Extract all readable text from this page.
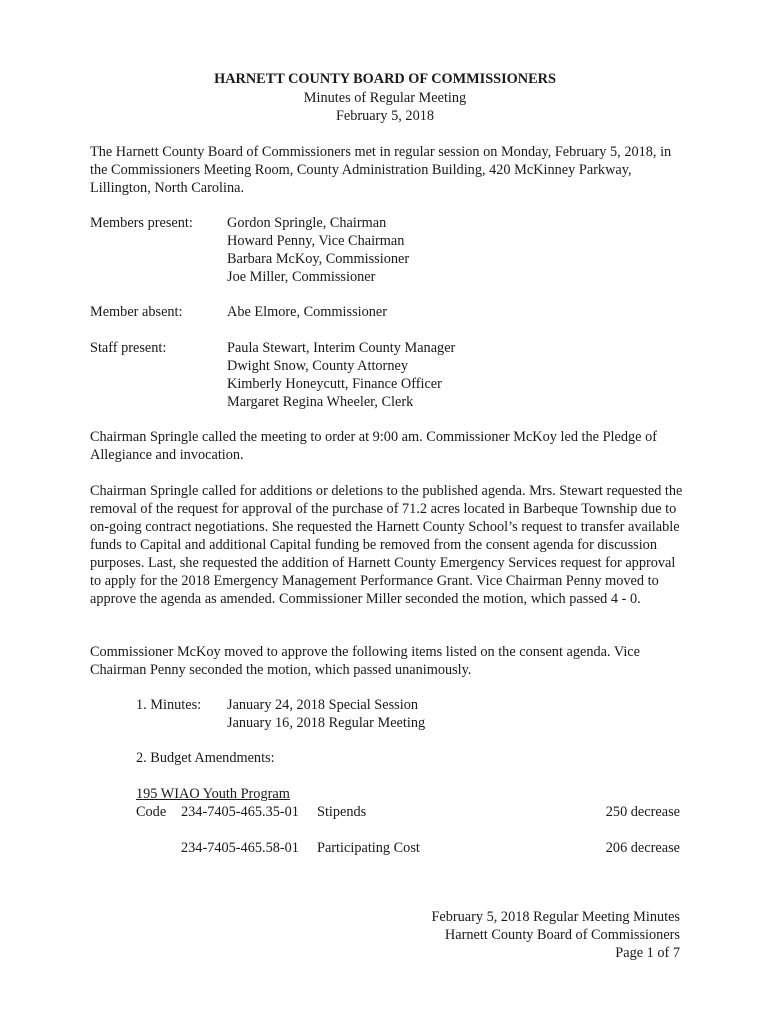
HARNETT COUNTY BOARD OF COMMISSIONERS
Minutes of Regular Meeting
February 5, 2018
The Harnett County Board of Commissioners met in regular session on Monday, February 5, 2018, in the Commissioners Meeting Room, County Administration Building, 420 McKinney Parkway, Lillington, North Carolina.
Members present: Gordon Springle, Chairman
Howard Penny, Vice Chairman
Barbara McKoy, Commissioner
Joe Miller, Commissioner
Member absent:	Abe Elmore, Commissioner
Staff present:	Paula Stewart, Interim County Manager
Dwight Snow, County Attorney
Kimberly Honeycutt, Finance Officer
Margaret Regina Wheeler, Clerk
Chairman Springle called the meeting to order at 9:00 am. Commissioner McKoy led the Pledge of Allegiance and invocation.
Chairman Springle called for additions or deletions to the published agenda. Mrs. Stewart requested the removal of the request for approval of the purchase of 71.2 acres located in Barbeque Township due to on-going contract negotiations. She requested the Harnett County School’s request to transfer available funds to Capital and additional Capital funding be removed from the consent agenda for discussion purposes. Last, she requested the addition of Harnett County Emergency Services request for approval to apply for the 2018 Emergency Management Performance Grant. Vice Chairman Penny moved to approve the agenda as amended. Commissioner Miller seconded the motion, which passed 4 - 0.
Commissioner McKoy moved to approve the following items listed on the consent agenda. Vice Chairman Penny seconded the motion, which passed unanimously.
1. Minutes: January 24, 2018 Special Session
January 16, 2018 Regular Meeting
2. Budget Amendments:
195 WIAO Youth Program
Code 234-7405-465.35-01 Stipends	250 decrease
234-7405-465.58-01 Participating Cost	206 decrease
February 5, 2018 Regular Meeting Minutes
Harnett County Board of Commissioners
Page 1 of 7
